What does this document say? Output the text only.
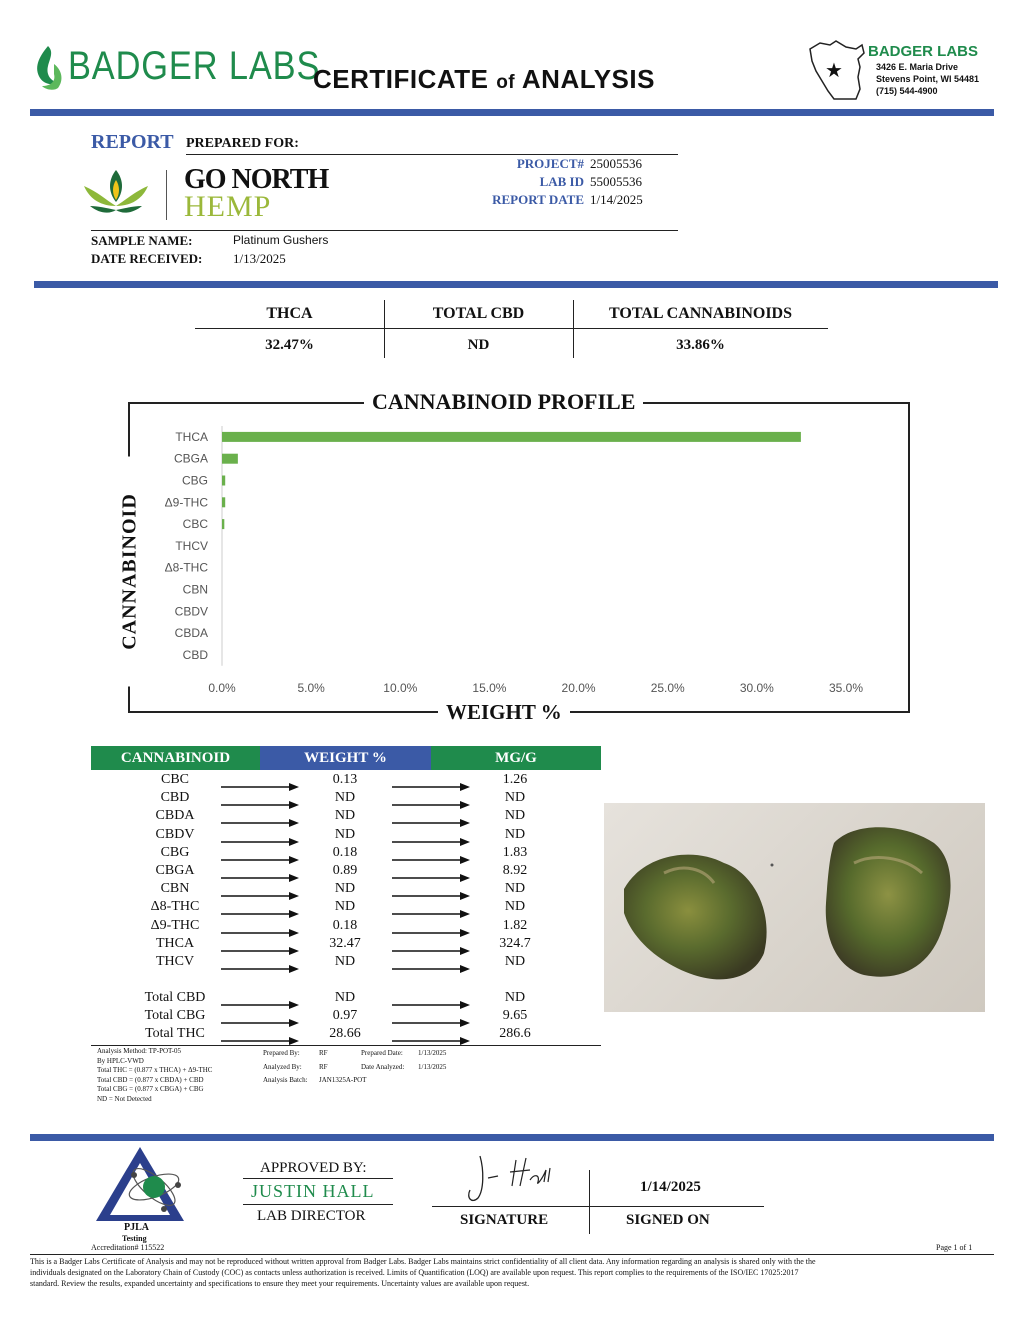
BADGER LABS
CERTIFICATE of ANALYSIS	★
BADGER LABS
3426 E. Maria Drive
Stevens Point, WI 54481
(715) 544-4900
REPORT PREPARED FOR:
GO NORTH
HEMP
PROJECT# 25005536
LAB ID 55005536
REPORT DATE 1/14/2025
SAMPLE NAME:	Platinum Gushers
DATE RECEIVED: 1/13/2025
THCA	TOTAL CBD	TOTAL CANNABINOIDS
32.47%	ND	33.86%
CANNABINOID PROFILE
WEIGHT %
CANNABINOID
THCA
CBGA
CBG
Δ9-THC
CBC
THCV
Δ8-THC
CBN
CBDV
CBDA
CBD
0.0%	5.0%	10.0%	15.0%	20.0%	25.0%	30.0%	35.0%
CANNABINOID	WEIGHT %	MG/G
CBC	0.13	1.26
CBD	ND	ND
CBDA	ND	ND
CBDV	ND	ND
CBG	0.18	1.83
CBGA	0.89	8.92
CBN	ND	ND
Δ8-THC	ND	ND
Δ9-THC	0.18	1.82
THCA	32.47	324.7
THCV	ND	ND
Total CBD	ND	ND
Total CBG	0.97	9.65
Total THC	28.66	286.6
Analysis Method: TP-POT-05
By HPLC-VWD
Total THC = (0.877 x THCA) + Δ9-THC
Total CBD = (0.877 x CBDA) + CBD
Total CBG = (0.877 x CBGA) + CBG
ND = Not Detected
Prepared By:	RF	Prepared Date: 1/13/2025
Analyzed By: RF	Date Analyzed: 1/13/2025
Analysis Batch: JAN1325A-POT
PJLA
Testing
Accreditation# 115522
APPROVED BY:
JUSTIN HALL
LAB DIRECTOR
1/14/2025
SIGNATURE	SIGNED ON
Page 1 of 1
This is a Badger Labs Certificate of Analysis and may not be reproduced without written approval from Badger Labs. Badger Labs maintains strict confidentiality of all client data. Any information regarding an analysis is shared only with the the
individuals designated on the Laboratory Chain of Custody (COC) as contacts unless authorization is received. Limits of Quantification (LOQ) are available upon request. This report complies to the requirements of the ISO/IEC 17025:2017
standard. Review the results, expanded uncertainty and specifications to ensure they meet your requirements. Uncertainty values are available upon request.
